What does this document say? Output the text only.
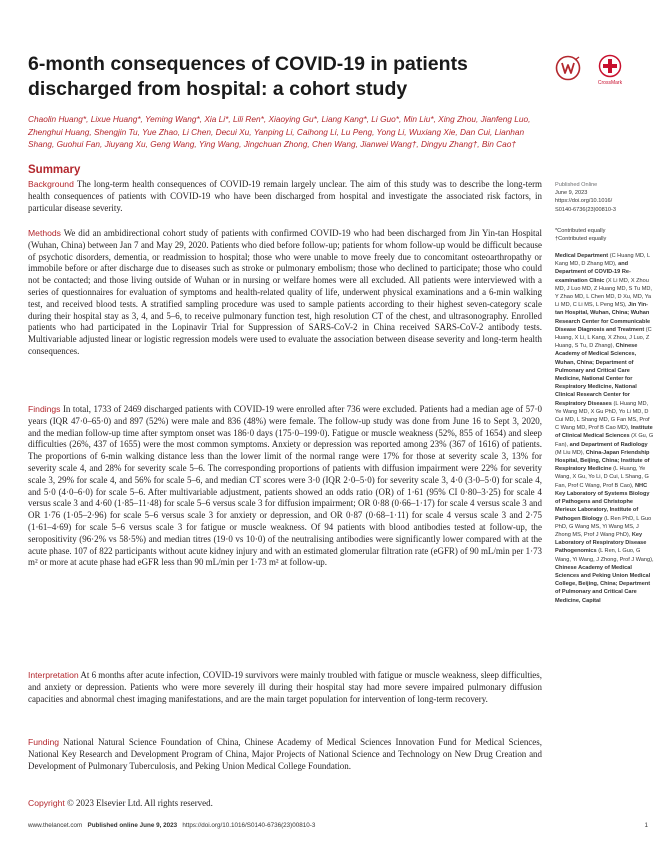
6-month consequences of COVID-19 in patients discharged from hospital: a cohort study	CrossMark

Chaolin Huang*, Lixue Huang*, Yeming Wang*, Xia Li*, Lili Ren*, Xiaoying Gu*, Liang Kang*, Li Guo*, Min Liu*, Xing Zhou, Jianfeng Luo, Zhenghui Huang, Shengjin Tu, Yue Zhao, Li Chen, Decui Xu, Yanping Li, Caihong Li, Lu Peng, Yong Li, Wuxiang Xie, Dan Cui, Lianhan Shang, Guohui Fan, Jiuyang Xu, Geng Wang, Ying Wang, Jingchuan Zhong, Chen Wang, Jianwei Wang†, Dingyu Zhang†, Bin Cao†

Summary

Background The long-term health consequences of COVID-19 remain largely unclear. The aim of this study was to describe the long-term health consequences of patients with COVID-19 who have been discharged from hospital and investigate the associated risk factors, in particular disease severity.

Methods We did an ambidirectional cohort study of patients with confirmed COVID-19 who had been discharged from Jin Yin-tan Hospital (Wuhan, China) between Jan 7 and May 29, 2020. Patients who died before follow-up; patients for whom follow-up would be difficult because of psychotic disorders, dementia, or readmission to hospital; those who were unable to move freely due to concomitant osteoarthropathy or immobile before or after discharge due to diseases such as stroke or pulmonary embolism; those who declined to participate; those who could not be contacted; and those living outside of Wuhan or in nursing or welfare homes were all excluded. All patients were interviewed with a series of questionnaires for evaluation of symptoms and health-related quality of life, underwent physical examinations and a 6-min walking test, and received blood tests. A stratified sampling procedure was used to sample patients according to their highest seven-category scale during their hospital stay as 3, 4, and 5–6, to receive pulmonary function test, high resolution CT of the chest, and ultrasonography. Enrolled patients who had participated in the Lopinavir Trial for Suppression of SARS-CoV-2 in China received SARS-CoV-2 antibody tests. Multivariable adjusted linear or logistic regression models were used to evaluate the association between disease severity and long-term health consequences.

Findings In total, 1733 of 2469 discharged patients with COVID-19 were enrolled after 736 were excluded. Patients had a median age of 57·0 years (IQR 47·0–65·0) and 897 (52%) were male and 836 (48%) were female. The follow-up study was done from June 16 to Sept 3, 2020, and the median follow-up time after symptom onset was 186·0 days (175·0–199·0). Fatigue or muscle weakness (52%, 855 of 1654) and sleep difficulties (26%, 437 of 1655) were the most common symptoms. Anxiety or depression was reported among 23% (367 of 1616) of patients. The proportions of 6-min walking distance less than the lower limit of the normal range were 17% for those at severity scale 3, 13% for severity scale 4, and 28% for severity scale 5–6. The corresponding proportions of patients with diffusion impairment were 22% for severity scale 3, 29% for scale 4, and 56% for scale 5–6, and median CT scores were 3·0 (IQR 2·0–5·0) for severity scale 3, 4·0 (3·0–5·0) for scale 4, and 5·0 (4·0–6·0) for scale 5–6. After multivariable adjustment, patients showed an odds ratio (OR) of 1·61 (95% CI 0·80–3·25) for scale 4 versus scale 3 and 4·60 (1·85–11·48) for scale 5–6 versus scale 3 for diffusion impairment; OR 0·88 (0·66–1·17) for scale 4 versus scale 3 and OR 1·76 (1·05–2·96) for scale 5–6 versus scale 3 for anxiety or depression, and OR 0·87 (0·68–1·11) for scale 4 versus scale 3 and 2·75 (1·61–4·69) for scale 5–6 versus scale 3 for fatigue or muscle weakness. Of 94 patients with blood antibodies tested at follow-up, the seropositivity (96·2% vs 58·5%) and median titres (19·0 vs 10·0) of the neutralising antibodies were significantly lower compared with at the acute phase. 107 of 822 participants without acute kidney injury and with an estimated glomerular filtration rate (eGFR) of 90 mL/min per 1·73 m² or more at acute phase had eGFR less than 90 mL/min per 1·73 m² at follow-up.

Interpretation At 6 months after acute infection, COVID-19 survivors were mainly troubled with fatigue or muscle weakness, sleep difficulties, and anxiety or depression. Patients who were more severely ill during their hospital stay had more severe impaired pulmonary diffusion capacities and abnormal chest imaging manifestations, and are the main target population for intervention of long-term recovery.

Funding National Natural Science Foundation of China, Chinese Academy of Medical Sciences Innovation Fund for Medical Sciences, National Key Research and Development Program of China, Major Projects of National Science and Technology on New Drug Creation and Development of Pulmonary Tuberculosis, and Peking Union Medical College Foundation.

Copyright © 2023 Elsevier Ltd. All rights reserved.

Published Online
June 9, 2023
https://doi.org/10.1016/
S0140-6736(23)00810-3
*Contributed equally
†Contributed equally
Medical Department (C Huang MD, L Kang MD, D Zhang MD), and Department of COVID-19 Re-examination Clinic (X Li MD, X Zhou MD, J Luo MD, Z Huang MD, S Tu MD, Y Zhao MD, L Chen MD, D Xu, MD, Ya Li MD, C Li MS, L Peng MS), Jin Yin-tan Hospital, Wuhan, China; Wuhan Research Center for Communicable Disease Diagnosis and Treatment (C Huang, X Li, L Kang, X Zhou, J Luo, Z Huang, S Tu, D Zhang), Chinese Academy of Medical Sciences, Wuhan, China; Department of Pulmonary and Critical Care Medicine, National Center for Respiratory Medicine, National Clinical Research Center for Respiratory Diseases (L Huang MD, Ye Wang MD, X Gu PhD, Yo Li MD, D Cui MD, L Shang MD, G Fan MS, Prof C Wang MD, Prof B Cao MD), Institute of Clinical Medical Sciences (X Gu, G Fan), and Department of Radiology (M Liu MD), China-Japan Friendship Hospital, Beijing, China; Institute of Respiratory Medicine (L Huang, Ye Wang, X Gu, Yo Li, D Cui, L Shang, G Fan, Prof C Wang, Prof B Cao), NHC Key Laboratory of Systems Biology of Pathogens and Christophe Merieux Laboratory, Institute of Pathogen Biology (L Ren PhD, L Guo PhD, G Wang MS, Yi Wang MS, J Zhong MS, Prof J Wang PhD), Key Laboratory of Respiratory Disease Pathogenomics (L Ren, L Guo, G Wang, Yi Wang, J Zhong, Prof J Wang), Chinese Academy of Medical Sciences and Peking Union Medical College, Beijing, China; Department of Pulmonary and Critical Care Medicine, Capital
www.thelancet.com Published online June 9, 2023 https://doi.org/10.1016/S0140-6736(23)00810-3	1
